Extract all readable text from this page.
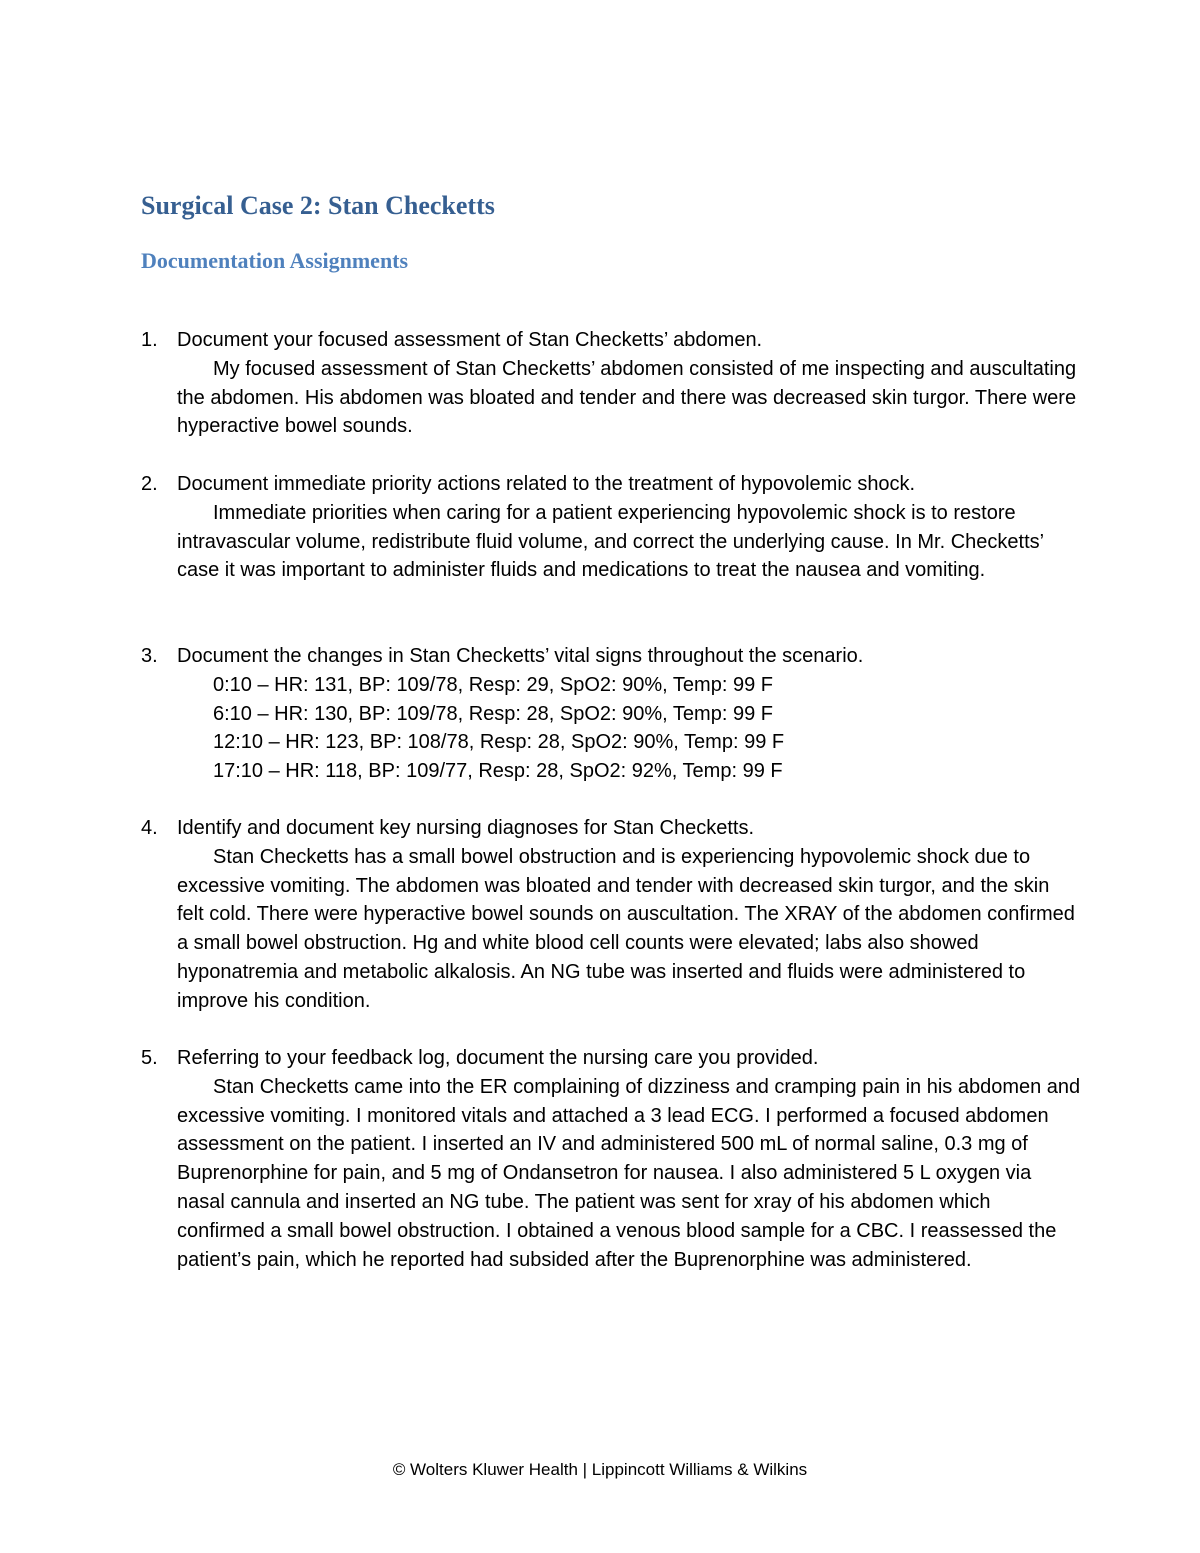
Surgical Case 2: Stan Checketts
Documentation Assignments
1. Document your focused assessment of Stan Checketts’ abdomen.
My focused assessment of Stan Checketts’ abdomen consisted of me inspecting and auscultating the abdomen. His abdomen was bloated and tender and there was decreased skin turgor. There were hyperactive bowel sounds.
2. Document immediate priority actions related to the treatment of hypovolemic shock.
Immediate priorities when caring for a patient experiencing hypovolemic shock is to restore intravascular volume, redistribute fluid volume, and correct the underlying cause. In Mr. Checketts’ case it was important to administer fluids and medications to treat the nausea and vomiting.
3. Document the changes in Stan Checketts’ vital signs throughout the scenario.
0:10 – HR: 131, BP: 109/78, Resp: 29, SpO2: 90%, Temp: 99 F
6:10 – HR: 130, BP: 109/78, Resp: 28, SpO2: 90%, Temp: 99 F
12:10 – HR: 123, BP: 108/78, Resp: 28, SpO2: 90%, Temp: 99 F
17:10 – HR: 118, BP: 109/77, Resp: 28, SpO2: 92%, Temp: 99 F
4. Identify and document key nursing diagnoses for Stan Checketts.
Stan Checketts has a small bowel obstruction and is experiencing hypovolemic shock due to excessive vomiting. The abdomen was bloated and tender with decreased skin turgor, and the skin felt cold. There were hyperactive bowel sounds on auscultation. The XRAY of the abdomen confirmed a small bowel obstruction. Hg and white blood cell counts were elevated; labs also showed hyponatremia and metabolic alkalosis. An NG tube was inserted and fluids were administered to improve his condition.
5. Referring to your feedback log, document the nursing care you provided.
Stan Checketts came into the ER complaining of dizziness and cramping pain in his abdomen and excessive vomiting. I monitored vitals and attached a 3 lead ECG. I performed a focused abdomen assessment on the patient. I inserted an IV and administered 500 mL of normal saline, 0.3 mg of Buprenorphine for pain, and 5 mg of Ondansetron for nausea. I also administered 5 L oxygen via nasal cannula and inserted an NG tube. The patient was sent for xray of his abdomen which confirmed a small bowel obstruction. I obtained a venous blood sample for a CBC. I reassessed the patient’s pain, which he reported had subsided after the Buprenorphine was administered.
© Wolters Kluwer Health | Lippincott Williams & Wilkins
